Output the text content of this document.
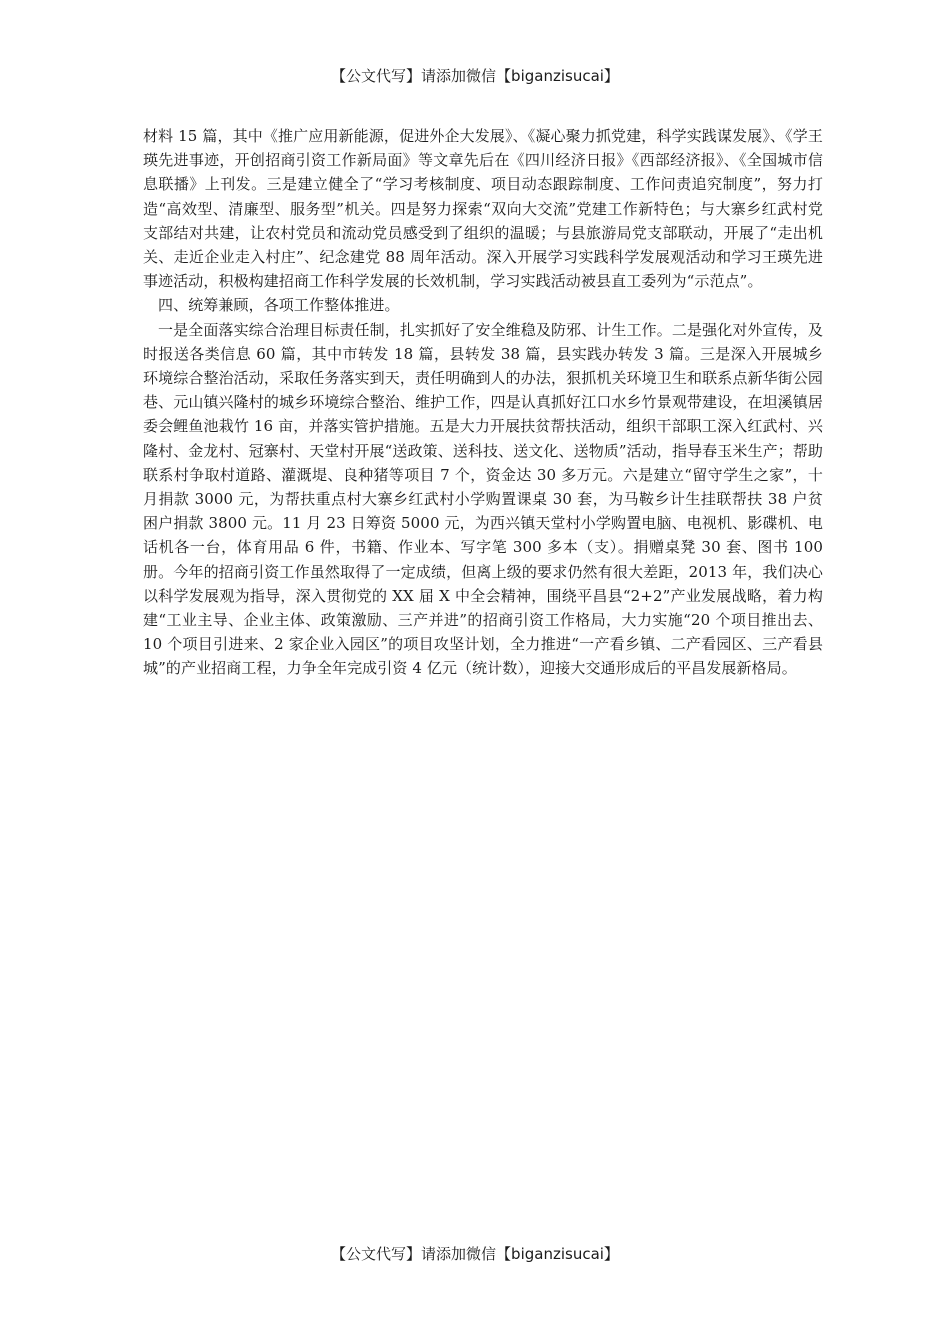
【公文代写】请添加微信【biganzisucai】

材料 15 篇，其中《推广应用新能源，促进外企大发展》、《凝心聚力抓党建，科学实践谋发展》、《学王瑛先进事迹，开创招商引资工作新局面》等文章先后在《四川经济日报》《西部经济报》、《全国城市信息联播》上刊发。三是建立健全了“学习考核制度、项目动态跟踪制度、工作问责追究制度”，努力打造“高效型、清廉型、服务型”机关。四是努力探索“双向大交流”党建工作新特色；与大寨乡红武村党支部结对共建，让农村党员和流动党员感受到了组织的温暖；与县旅游局党支部联动，开展了“走出机关、走近企业走入村庄”、纪念建党 88 周年活动。深入开展学习实践科学发展观活动和学习王瑛先进事迹活动，积极构建招商工作科学发展的长效机制，学习实践活动被县直工委列为“示范点”。

四、统筹兼顾，各项工作整体推进。

一是全面落实综合治理目标责任制，扎实抓好了安全维稳及防邪、计生工作。二是强化对外宣传，及时报送各类信息 60 篇，其中市转发 18 篇，县转发 38 篇，县实践办转发 3 篇。三是深入开展城乡环境综合整治活动，采取任务落实到天，责任明确到人的办法，狠抓机关环境卫生和联系点新华街公园巷、元山镇兴隆村的城乡环境综合整治、维护工作，四是认真抓好江口水乡竹景观带建设，在坦溪镇居委会鲤鱼池栽竹 16 亩，并落实管护措施。五是大力开展扶贫帮扶活动，组织干部职工深入红武村、兴隆村、金龙村、冠寨村、天堂村开展“送政策、送科技、送文化、送物质”活动，指导春玉米生产；帮助联系村争取村道路、灌溉堤、良种猪等项目 7 个，资金达 30 多万元。六是建立“留守学生之家”，十月捐款 3000 元，为帮扶重点村大寨乡红武村小学购置课桌 30 套，为马鞍乡计生挂联帮扶 38 户贫困户捐款 3800 元。11 月 23 日筹资 5000 元，为西兴镇天堂村小学购置电脑、电视机、影碟机、电话机各一台，体育用品 6 件，书籍、作业本、写字笔 300 多本（支）。捐赠桌凳 30 套、图书 100 册。今年的招商引资工作虽然取得了一定成绩，但离上级的要求仍然有很大差距，2013 年，我们决心以科学发展观为指导，深入贯彻党的 XX 届 X 中全会精神，围绕平昌县“2+2”产业发展战略，着力构建“工业主导、企业主体、政策激励、三产并进”的招商引资工作格局，大力实施“20 个项目推出去、10 个项目引进来、2 家企业入园区”的项目攻坚计划，全力推进“一产看乡镇、二产看园区、三产看县城”的产业招商工程，力争全年完成引资 4 亿元（统计数），迎接大交通形成后的平昌发展新格局。

【公文代写】请添加微信【biganzisucai】
